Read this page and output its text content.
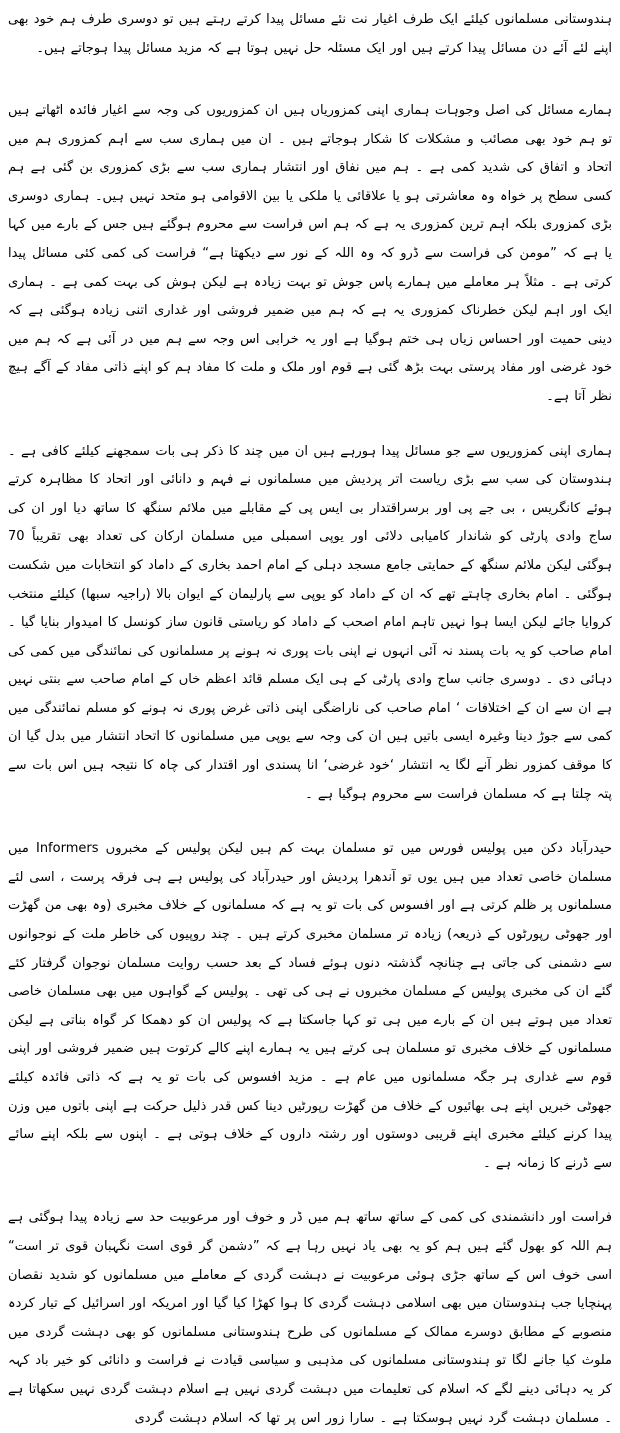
ہندوستانی مسلمانوں کیلئے ایک طرف اغیار نت نئے مسائل پیدا کرتے رہتے ہیں تو دوسری طرف ہم خود بھی اپنے لئے آئے دن مسائل پیدا کرتے ہیں اور ایک مسئلہ حل نہیں ہوتا ہے کہ مزید مسائل پیدا ہوجاتے ہیں۔

ہمارے مسائل کی اصل وجوہات ہماری اپنی کمزوریاں ہیں ان کمزوریوں کی وجہ سے اغیار فائدہ اٹھاتے ہیں تو ہم خود بھی مصائب و مشکلات کا شکار ہوجاتے ہیں ۔ ان میں ہماری سب سے اہم کمزوری ہم میں اتحاد و اتفاق کی شدید کمی ہے ۔ ہم میں نفاق اور انتشار ہماری سب سے بڑی کمزوری بن گئی ہے ہم کسی سطح پر خواہ وہ معاشرتی ہو یا علاقائی یا ملکی یا بین الاقوامی ہو متحد نہیں ہیں۔ ہماری دوسری بڑی کمزوری بلکہ اہم ترین کمزوری یہ ہے کہ ہم اس فراست سے محروم ہوگئے ہیں جس کے بارے میں کہا یا ہے کہ ”مومن کی فراست سے ڈرو کہ وہ اللہ کے نور سے دیکھتا ہے“ فراست کی کمی کئی مسائل پیدا کرتی ہے ۔ مثلاً ہر معاملے میں ہمارے پاس جوش تو بہت زیادہ ہے لیکن ہوش کی بہت کمی ہے ۔ ہماری ایک اور اہم لیکن خطرناک کمزوری یہ ہے کہ ہم میں ضمیر فروشی اور غداری اتنی زیادہ ہوگئی ہے کہ دینی حمیت اور احساس زیاں ہی ختم ہوگیا ہے اور یہ خرابی اس وجہ سے ہم میں در آئی ہے کہ ہم میں خود غرضی اور مفاد پرستی بہت بڑھ گئی ہے قوم اور ملک و ملت کا مفاد ہم کو اپنے ذاتی مفاد کے آگے ہیچ نظر آتا ہے۔

ہماری اپنی کمزوریوں سے جو مسائل پیدا ہورہے ہیں ان میں چند کا ذکر ہی بات سمجھنے کیلئے کافی ہے ۔ ہندوستان کی سب سے بڑی ریاست اتر پردیش میں مسلمانوں نے فہم و دانائی اور اتحاد کا مظاہرہ کرتے ہوئے کانگریس ، بی جے پی اور برسراقتدار بی ایس پی کے مقابلے میں ملائم سنگھ کا ساتھ دیا اور ان کی ساج وادی پارٹی کو شاندار کامیابی دلائی اور یوپی اسمبلی میں مسلمان ارکان کی تعداد بھی تقریباً 70 ہوگئی لیکن ملائم سنگھ کے حمایتی جامع مسجد دہلی کے امام احمد بخاری کے داماد کو انتخابات میں شکست ہوگئی ۔ امام بخاری چاہتے تھے کہ ان کے داماد کو یوپی سے پارلیمان کے ایوان بالا (راجیہ سبھا) کیلئے منتخب کروایا جائے لیکن ایسا ہوا نہیں تاہم امام اصحب کے داماد کو ریاستی قانون ساز کونسل کا امیدوار بنایا گیا ۔ امام صاحب کو یہ بات پسند نہ آئی انہوں نے اپنی بات پوری نہ ہونے پر مسلمانوں کی نمائندگی میں کمی کی دہائی دی ۔ دوسری جانب ساج وادی پارٹی کے ہی ایک مسلم قائد اعظم خاں کے امام صاحب سے بنتی نہیں ہے ان سے ان کے اختلافات ‘ امام صاحب کی ناراضگی اپنی ذاتی غرض پوری نہ ہونے کو مسلم نمائندگی میں کمی سے جوڑ دینا وغیرہ ایسی باتیں ہیں ان کی وجہ سے یوپی میں مسلمانوں کا اتحاد انتشار میں بدل گیا ان کا موقف کمزور نظر آنے لگا یہ انتشار ‘خود غرضی‘ انا پسندی اور اقتدار کی چاہ کا نتیجہ ہیں اس بات سے پتہ چلتا ہے کہ مسلمان فراست سے محروم ہوگیا ہے ۔

حیدرآباد دکن میں پولیس فورس میں تو مسلمان بہت کم ہیں لیکن پولیس کے مخبروں Informers میں مسلمان خاصی تعداد میں ہیں یوں تو آندھرا پردیش اور حیدرآباد کی پولیس ہے ہی فرقہ پرست ، اسی لئے مسلمانوں پر ظلم کرتی ہے اور افسوس کی بات تو یہ ہے کہ مسلمانوں کے خلاف مخبری (وہ بھی من گھڑت اور جھوٹی رپورٹوں کے ذریعہ) زیادہ تر مسلمان مخبری کرتے ہیں ۔ چند روپیوں کی خاطر ملت کے نوجوانوں سے دشمنی کی جاتی ہے چنانچہ گذشتہ دنوں ہوئے فساد کے بعد حسب روایت مسلمان نوجوان گرفتار کئے گئے ان کی مخبری پولیس کے مسلمان مخبروں نے ہی کی تھی ۔ پولیس کے گواہوں میں بھی مسلمان خاصی تعداد میں ہوتے ہیں ان کے بارے میں ہی تو کہا جاسکتا ہے کہ پولیس ان کو دھمکا کر گواہ بناتی ہے لیکن مسلمانوں کے خلاف مخبری تو مسلمان ہی کرتے ہیں یہ ہمارے اپنے کالے کرتوت ہیں ضمیر فروشی اور اپنی قوم سے غداری ہر جگہ مسلمانوں میں عام ہے ۔ مزید افسوس کی بات تو یہ ہے کہ ذاتی فائدہ کیلئے جھوٹی خبریں اپنے ہی بھائیوں کے خلاف من گھڑت رپورٹیں دینا کس قدر ذلیل حرکت ہے اپنی باتوں میں وزن پیدا کرنے کیلئے مخبری اپنے قریبی دوستوں اور رشتہ داروں کے خلاف ہوتی ہے ۔ اپنوں سے بلکہ اپنے سائے سے ڈرنے کا زمانہ ہے ۔

فراست اور دانشمندی کی کمی کے ساتھ ساتھ ہم میں ڈر و خوف اور مرعوبیت حد سے زیادہ پیدا ہوگئی ہے ہم اللہ کو بھول گئے ہیں ہم کو یہ بھی یاد نہیں رہا ہے کہ ”دشمن گر قوی است نگہبان قوی تر است“ اسی خوف اس کے ساتھ جڑی ہوئی مرعوبیت نے دہشت گردی کے معاملے میں مسلمانوں کو شدید نقصان پہنچایا جب ہندوستان میں بھی اسلامی دہشت گردی کا ہوا کھڑا کیا گیا اور امریکہ اور اسرائیل کے تیار کردہ منصوبے کے مطابق دوسرے ممالک کے مسلمانوں کی طرح ہندوستانی مسلمانوں کو بھی دہشت گردی میں ملوث کیا جانے لگا تو ہندوستانی مسلمانوں کی مذہبی و سیاسی قیادت نے فراست و دانائی کو خیر باد کہہ کر یہ دہائی دینے لگے کہ اسلام کی تعلیمات میں دہشت گردی نہیں ہے اسلام دہشت گردی نہیں سکھاتا ہے ۔ مسلمان دہشت گرد نہیں ہوسکتا ہے ۔ سارا زور اس پر تھا کہ اسلام دہشت گردی
